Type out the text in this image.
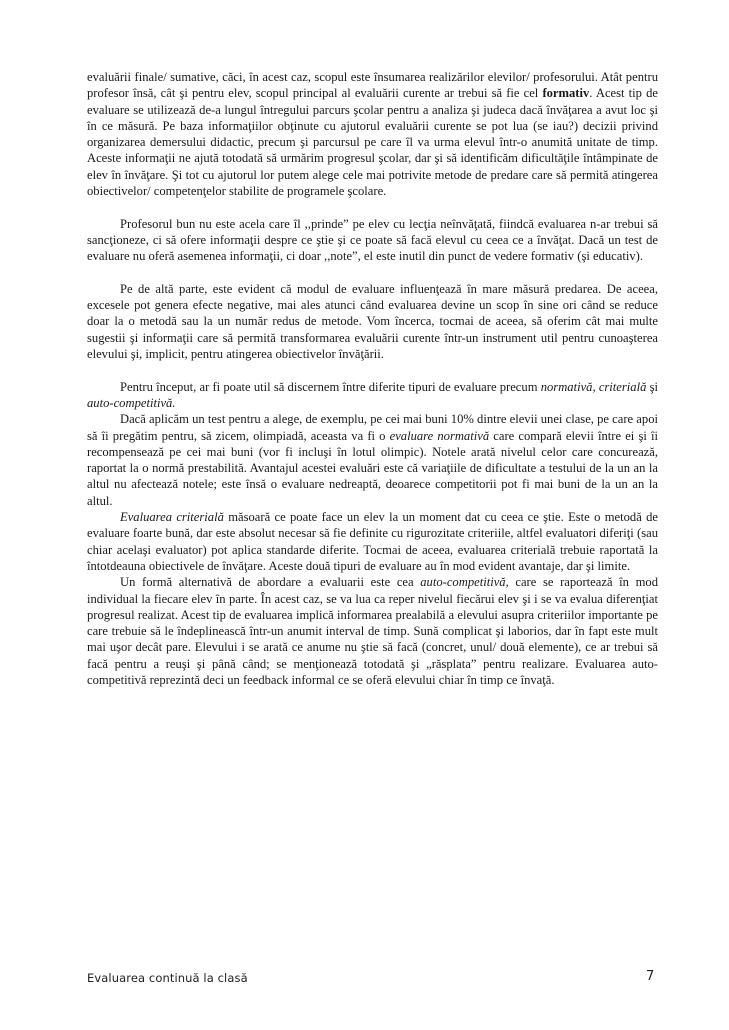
evaluării finale/ sumative, căci, în acest caz, scopul este însumarea realizărilor elevilor/ profesorului. Atât pentru profesor însă, cât şi pentru elev, scopul principal al evaluării curente ar trebui să fie cel formativ. Acest tip de evaluare se utilizează de-a lungul întregului parcurs şcolar pentru a analiza şi judeca dacă învăţarea a avut loc şi în ce măsură. Pe baza informaţiilor obţinute cu ajutorul evaluării curente se pot lua (se iau?) decizii privind organizarea demersului didactic, precum şi parcursul pe care îl va urma elevul într-o anumită unitate de timp. Aceste informaţii ne ajută totodată să urmărim progresul şcolar, dar şi să identificăm dificultăţile întâmpinate de elev în învăţare. Şi tot cu ajutorul lor putem alege cele mai potrivite metode de predare care să permită atingerea obiectivelor/ competenţelor stabilite de programele şcolare.

Profesorul bun nu este acela care îl ,,prinde” pe elev cu lecţia neînvăţată, fiindcă evaluarea n-ar trebui să sancţioneze, ci să ofere informaţii despre ce ştie şi ce poate să facă elevul cu ceea ce a învăţat. Dacă un test de evaluare nu oferă asemenea informaţii, ci doar ,,note”, el este inutil din punct de vedere formativ (şi educativ).

Pe de altă parte, este evident că modul de evaluare influenţează în mare măsură predarea. De aceea, excesele pot genera efecte negative, mai ales atunci când evaluarea devine un scop în sine ori când se reduce doar la o metodă sau la un număr redus de metode. Vom încerca, tocmai de aceea, să oferim cât mai multe sugestii şi informaţii care să permită transformarea evaluării curente într-un instrument util pentru cunoaşterea elevului şi, implicit, pentru atingerea obiectivelor învăţării.

Pentru început, ar fi poate util să discernem între diferite tipuri de evaluare precum normativă, criterială şi auto-competitivă.

Dacă aplicăm un test pentru a alege, de exemplu, pe cei mai buni 10% dintre elevii unei clase, pe care apoi să îi pregătim pentru, să zicem, olimpiadă, aceasta va fi o evaluare normativă care compară elevii între ei şi îi recompensează pe cei mai buni (vor fi incluşi în lotul olimpic). Notele arată nivelul celor care concurează, raportat la o normă prestabilită. Avantajul acestei evaluări este că variaţiile de dificultate a testului de la un an la altul nu afectează notele; este însă o evaluare nedreaptă, deoarece competitorii pot fi mai buni de la un an la altul.

Evaluarea criterială măsoară ce poate face un elev la un moment dat cu ceea ce ştie. Este o metodă de evaluare foarte bună, dar este absolut necesar să fie definite cu rigurozitate criteriile, altfel evaluatori diferiţi (sau chiar acelaşi evaluator) pot aplica standarde diferite. Tocmai de aceea, evaluarea criterială trebuie raportată la întotdeauna obiectivele de învăţare. Aceste două tipuri de evaluare au în mod evident avantaje, dar şi limite.

Un formă alternativă de abordare a evaluarii este cea auto-competitivă, care se raportează în mod individual la fiecare elev în parte. În acest caz, se va lua ca reper nivelul fiecărui elev şi i se va evalua diferenţiat progresul realizat. Acest tip de evaluarea implică informarea prealabilă a elevului asupra criteriilor importante pe care trebuie să le îndeplinească într-un anumit interval de timp. Sună complicat şi laborios, dar în fapt este mult mai uşor decât pare. Elevului i se arată ce anume nu ştie să facă (concret, unul/ două elemente), ce ar trebui să facă pentru a reuşi şi până când; se menţionează totodată şi „răsplata” pentru realizare. Evaluarea auto-competitivă reprezintă deci un feedback informal ce se oferă elevului chiar în timp ce învaţă.

Evaluarea continuă la clasă	7
